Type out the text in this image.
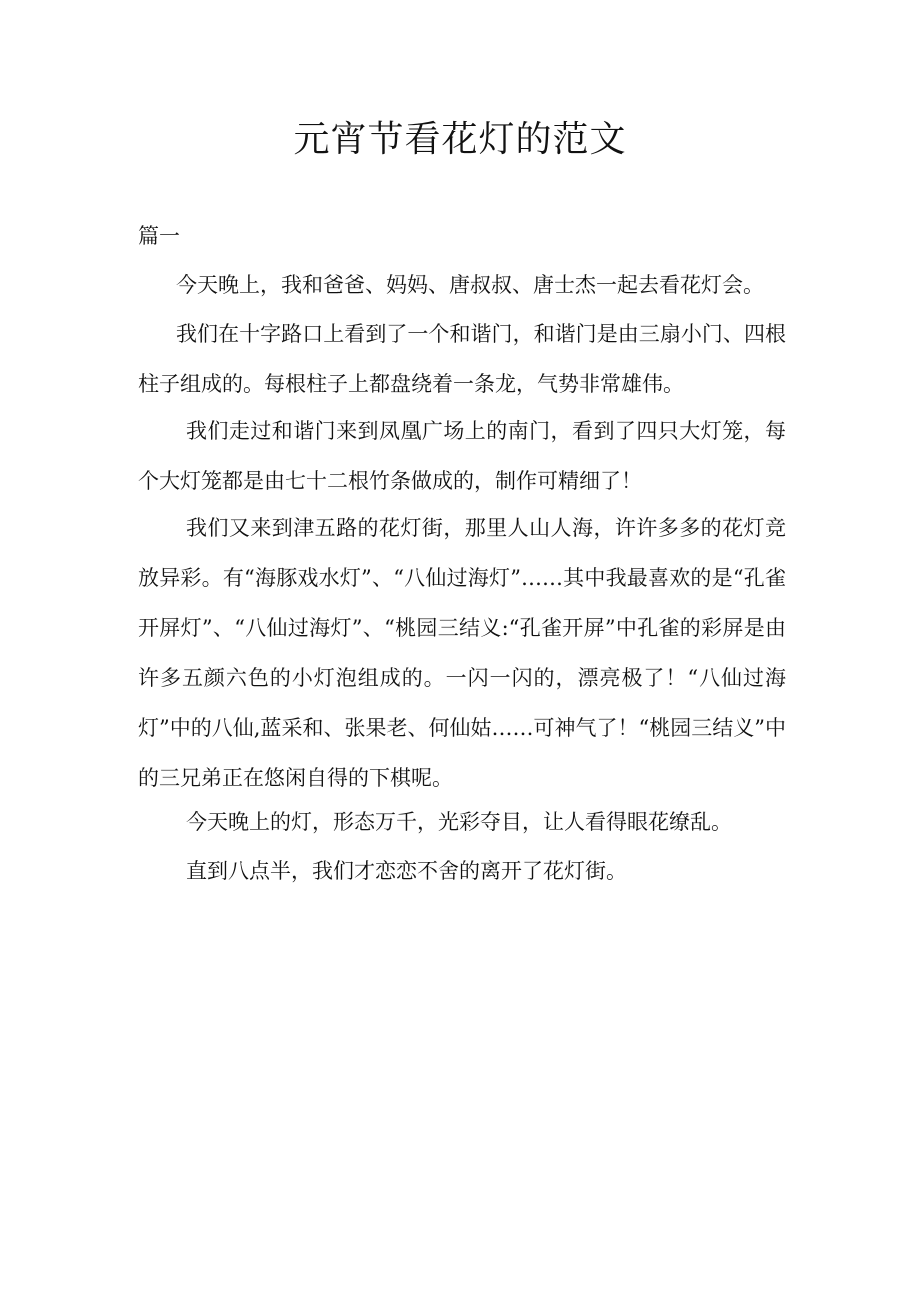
元宵节看花灯的范文

篇一

今天晚上，我和爸爸、妈妈、唐叔叔、唐士杰一起去看花灯会。

我们在十字路口上看到了一个和谐门，和谐门是由三扇小门、四根柱子组成的。每根柱子上都盘绕着一条龙，气势非常雄伟。

我们走过和谐门来到凤凰广场上的南门，看到了四只大灯笼，每个大灯笼都是由七十二根竹条做成的，制作可精细了！

我们又来到津五路的花灯街，那里人山人海，许许多多的花灯竞放异彩。有“海豚戏水灯”、“八仙过海灯”……其中我最喜欢的是“孔雀开屏灯”、“八仙过海灯”、“桃园三结义:“孔雀开屏”中孔雀的彩屏是由许多五颜六色的小灯泡组成的。一闪一闪的，漂亮极了！“八仙过海灯”中的八仙,蓝采和、张果老、何仙姑……可神气了！“桃园三结义”中的三兄弟正在悠闲自得的下棋呢。

今天晚上的灯，形态万千，光彩夺目，让人看得眼花缭乱。

直到八点半，我们才恋恋不舍的离开了花灯街。
